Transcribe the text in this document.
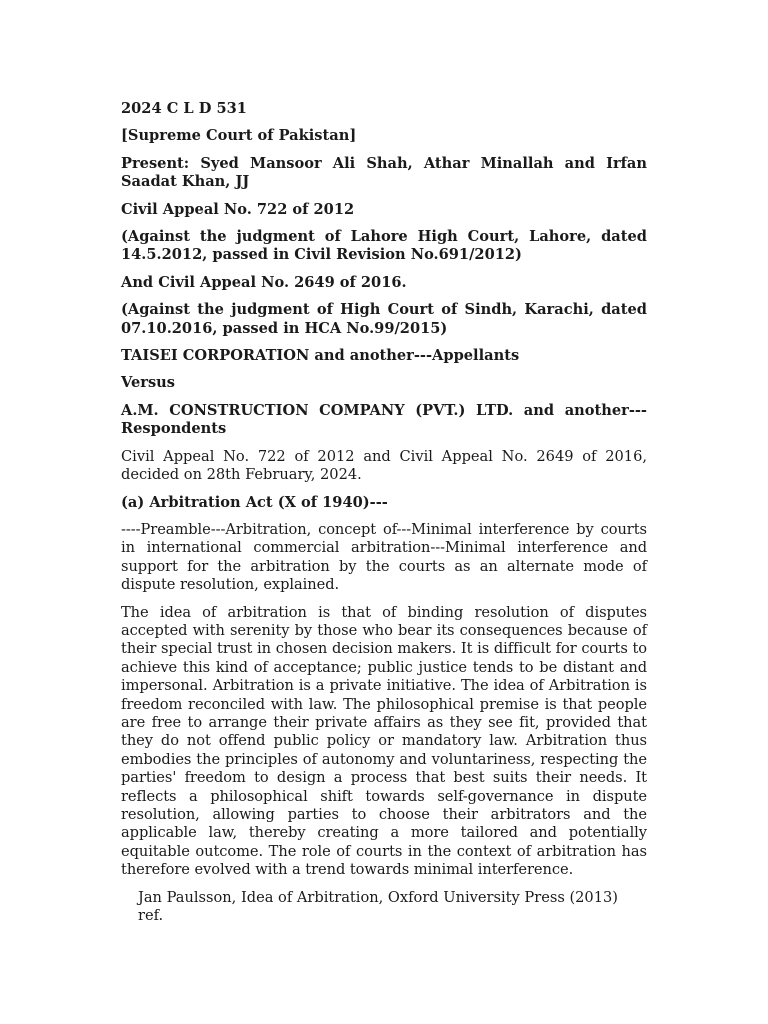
2024 C L D 531

[Supreme Court of Pakistan]

Present: Syed Mansoor Ali Shah, Athar Minallah and Irfan Saadat Khan, JJ

Civil Appeal No. 722 of 2012

(Against the judgment of Lahore High Court, Lahore, dated 14.5.2012, passed in Civil Revision No.691/2012)

And Civil Appeal No. 2649 of 2016.

(Against the judgment of High Court of Sindh, Karachi, dated 07.10.2016, passed in HCA No.99/2015)

TAISEI CORPORATION and another---Appellants

Versus

A.M. CONSTRUCTION COMPANY (PVT.) LTD. and another---Respondents

Civil Appeal No. 722 of 2012 and Civil Appeal No. 2649 of 2016, decided on 28th February, 2024.

(a) Arbitration Act (X of 1940)---

----Preamble---Arbitration, concept of---Minimal interference by courts in international commercial arbitration---Minimal interference and support for the arbitration by the courts as an alternate mode of dispute resolution, explained.

The idea of arbitration is that of binding resolution of disputes accepted with serenity by those who bear its consequences because of their special trust in chosen decision makers. It is difficult for courts to achieve this kind of acceptance; public justice tends to be distant and impersonal. Arbitration is a private initiative. The idea of Arbitration is freedom reconciled with law. The philosophical premise is that people are free to arrange their private affairs as they see fit, provided that they do not offend public policy or mandatory law. Arbitration thus embodies the principles of autonomy and voluntariness, respecting the parties' freedom to design a process that best suits their needs. It reflects a philosophical shift towards self-governance in dispute resolution, allowing parties to choose their arbitrators and the applicable law, thereby creating a more tailored and potentially equitable outcome. The role of courts in the context of arbitration has therefore evolved with a trend towards minimal interference.

Jan Paulsson, Idea of Arbitration, Oxford University Press (2013) ref.
